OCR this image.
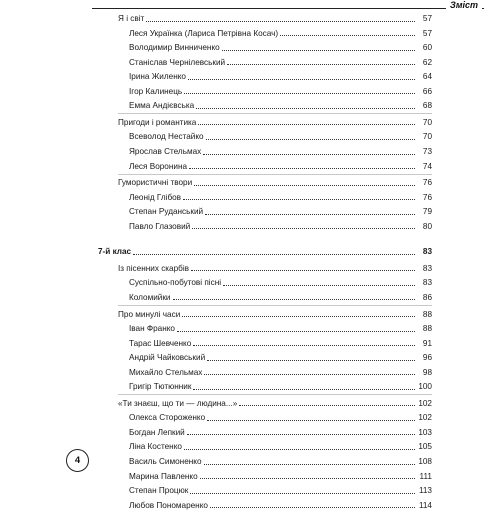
Зміст
Я і світ	57
Леся Українка (Лариса Петрівна Косач)	57
Володимир Винниченко	60
Станіслав Чернілевський	62
Ірина Жиленко	64
Ігор Калинець	66
Емма Андієвська	68
Пригоди і романтика	70
Всеволод Нестайко	70
Ярослав Стельмах	73
Леся Воронина	74
Гумористичні твори	76
Леонід Глібов	76
Степан Руданський	79
Павло Глазовий	80
7-й клас	83
Із пісенних скарбів	83
Суспільно-побутові пісні	83
Коломийки	86
Про минулі часи	88
Іван Франко	88
Тарас Шевченко	91
Андрій Чайковський	96
Михайло Стельмах	98
Григір Тютюнник	100
«Ти знаєш, що ти — людина...»	102
Олекса Стороженко	102
Богдан Лепкий	103
Ліна Костенко	105
Василь Симоненко	108
Марина Павленко	111
Степан Процюк	113
Любов Пономаренко	114
4
